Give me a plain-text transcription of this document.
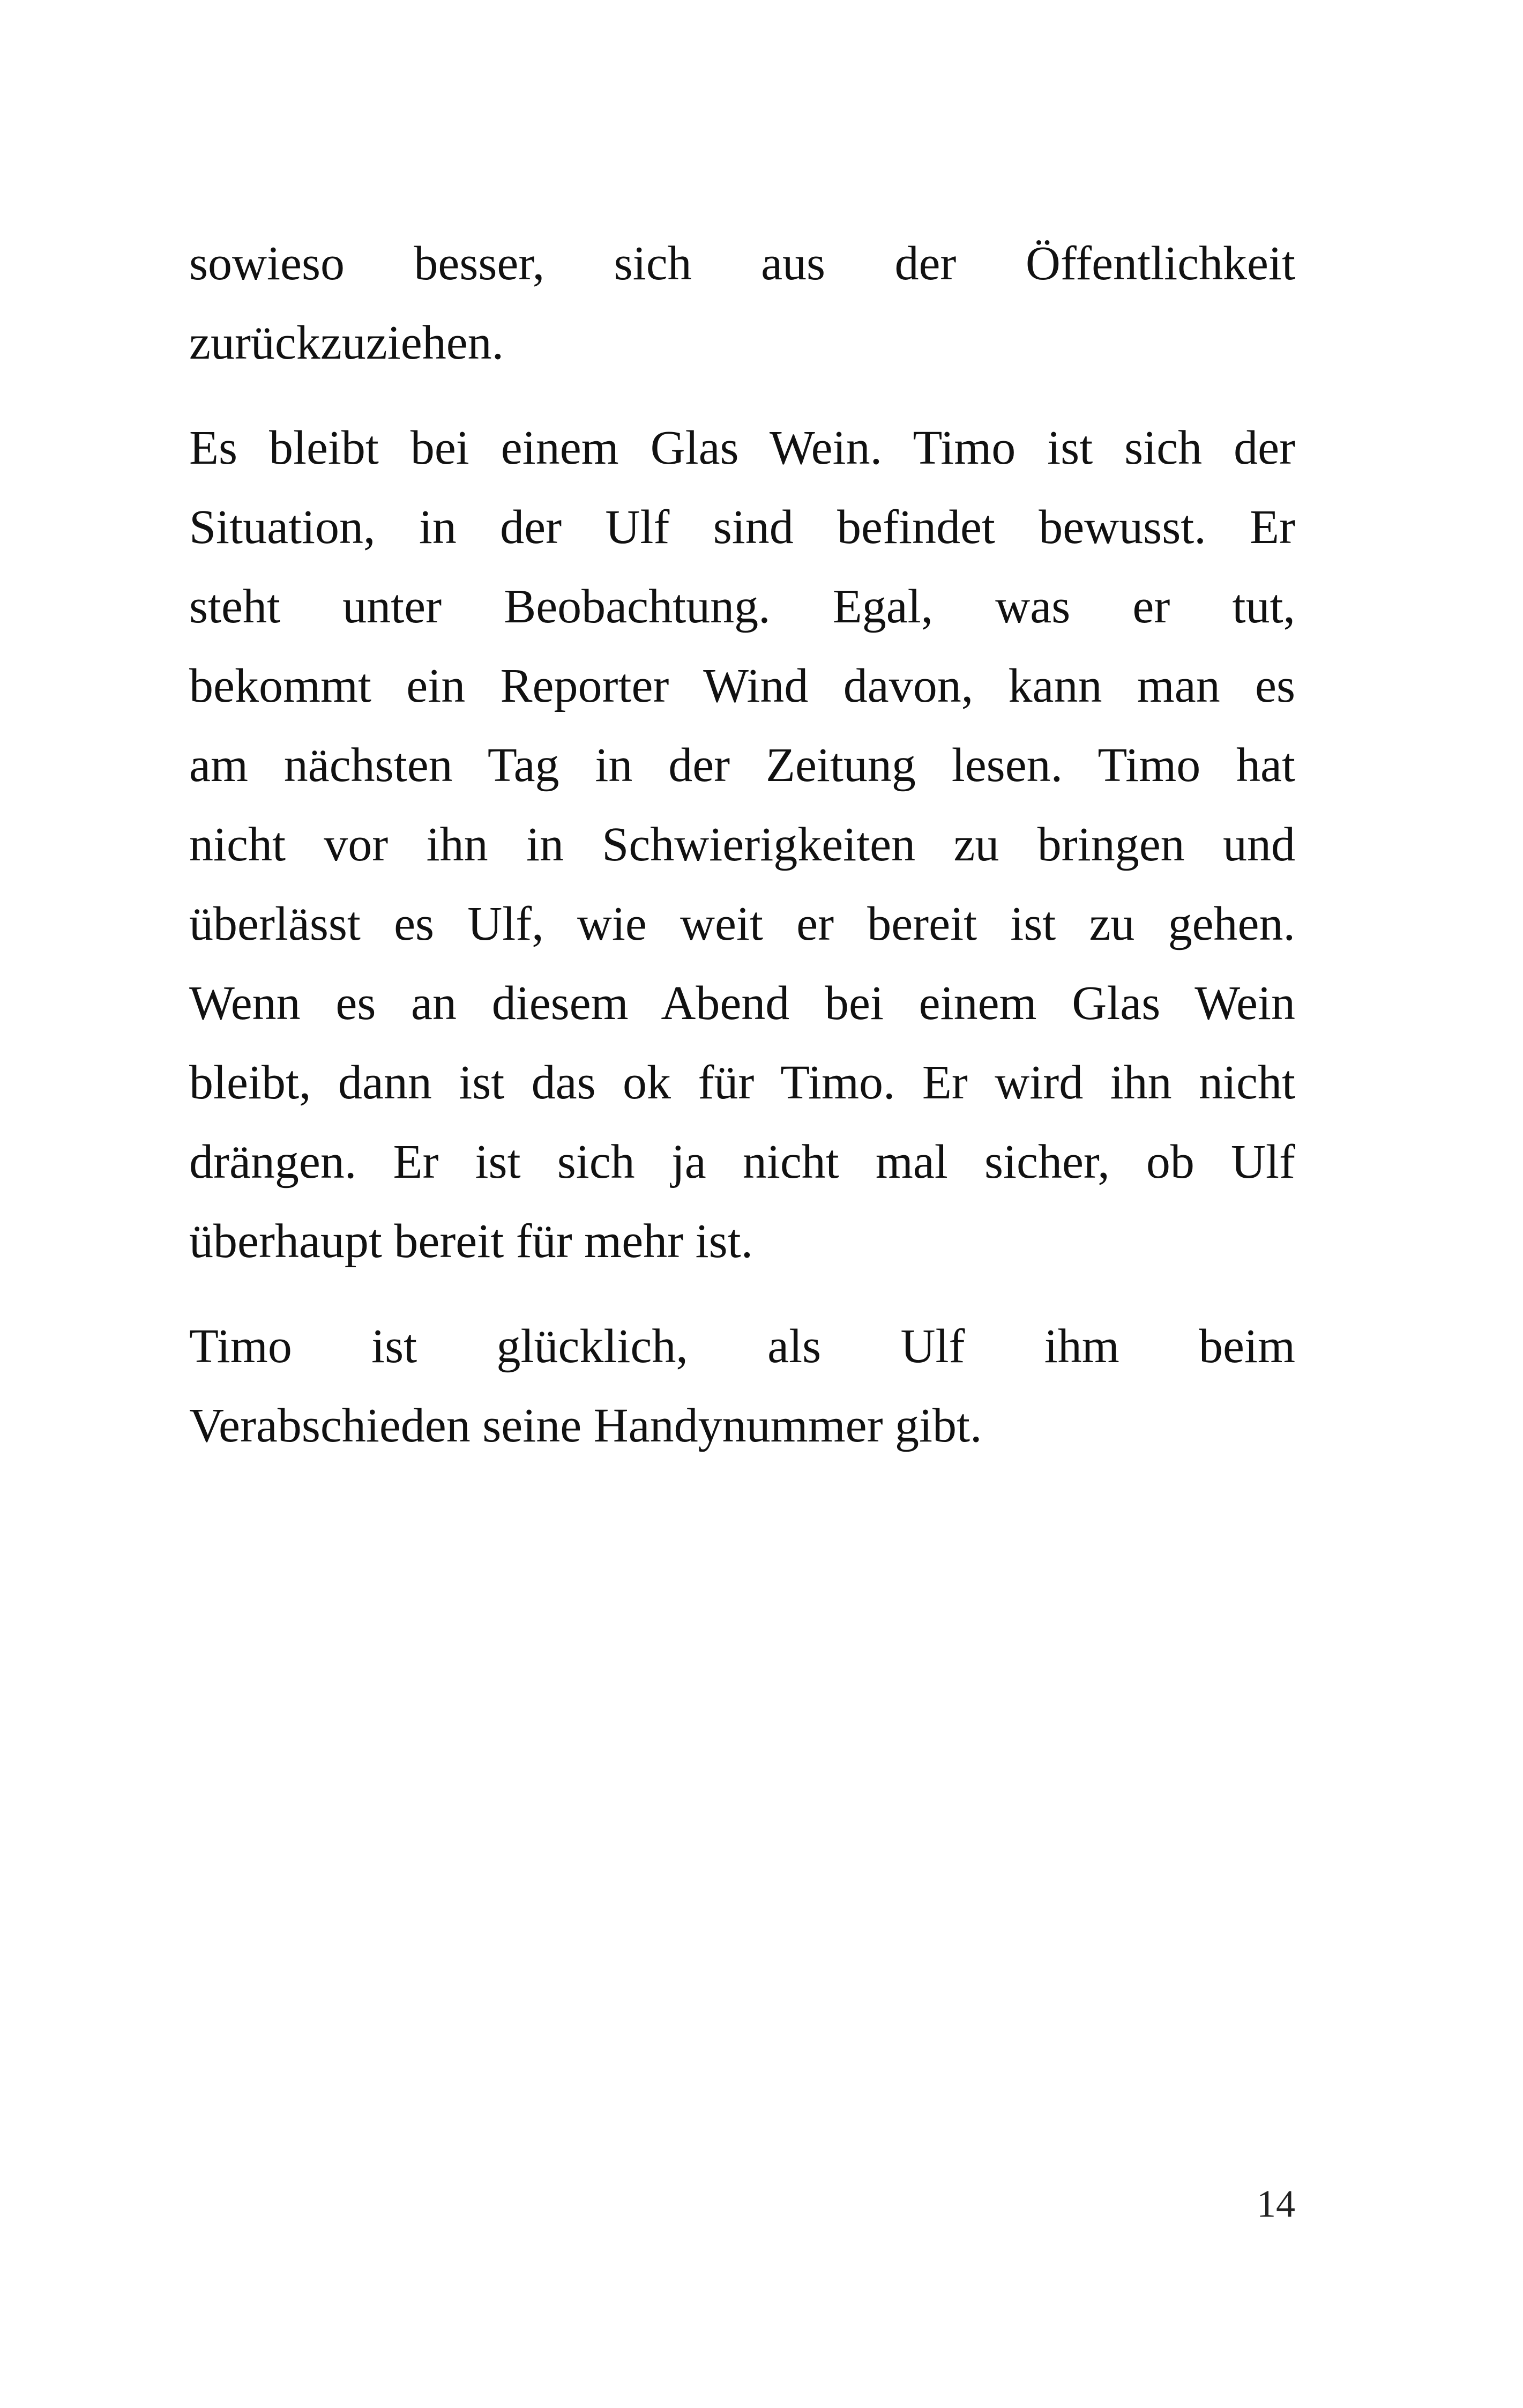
sowieso besser, sich aus der Öffentlichkeit
zurückzuziehen.
Es bleibt bei einem Glas Wein. Timo ist sich der
Situation, in der Ulf sind befindet bewusst. Er
steht unter Beobachtung. Egal, was er tut,
bekommt ein Reporter Wind davon, kann man es
am nächsten Tag in der Zeitung lesen. Timo hat
nicht vor ihn in Schwierigkeiten zu bringen und
überlässt es Ulf, wie weit er bereit ist zu gehen.
Wenn es an diesem Abend bei einem Glas Wein
bleibt, dann ist das ok für Timo. Er wird ihn nicht
drängen. Er ist sich ja nicht mal sicher, ob Ulf
überhaupt bereit für mehr ist.
Timo ist glücklich, als Ulf ihm beim
Verabschieden seine Handynummer gibt.
14
